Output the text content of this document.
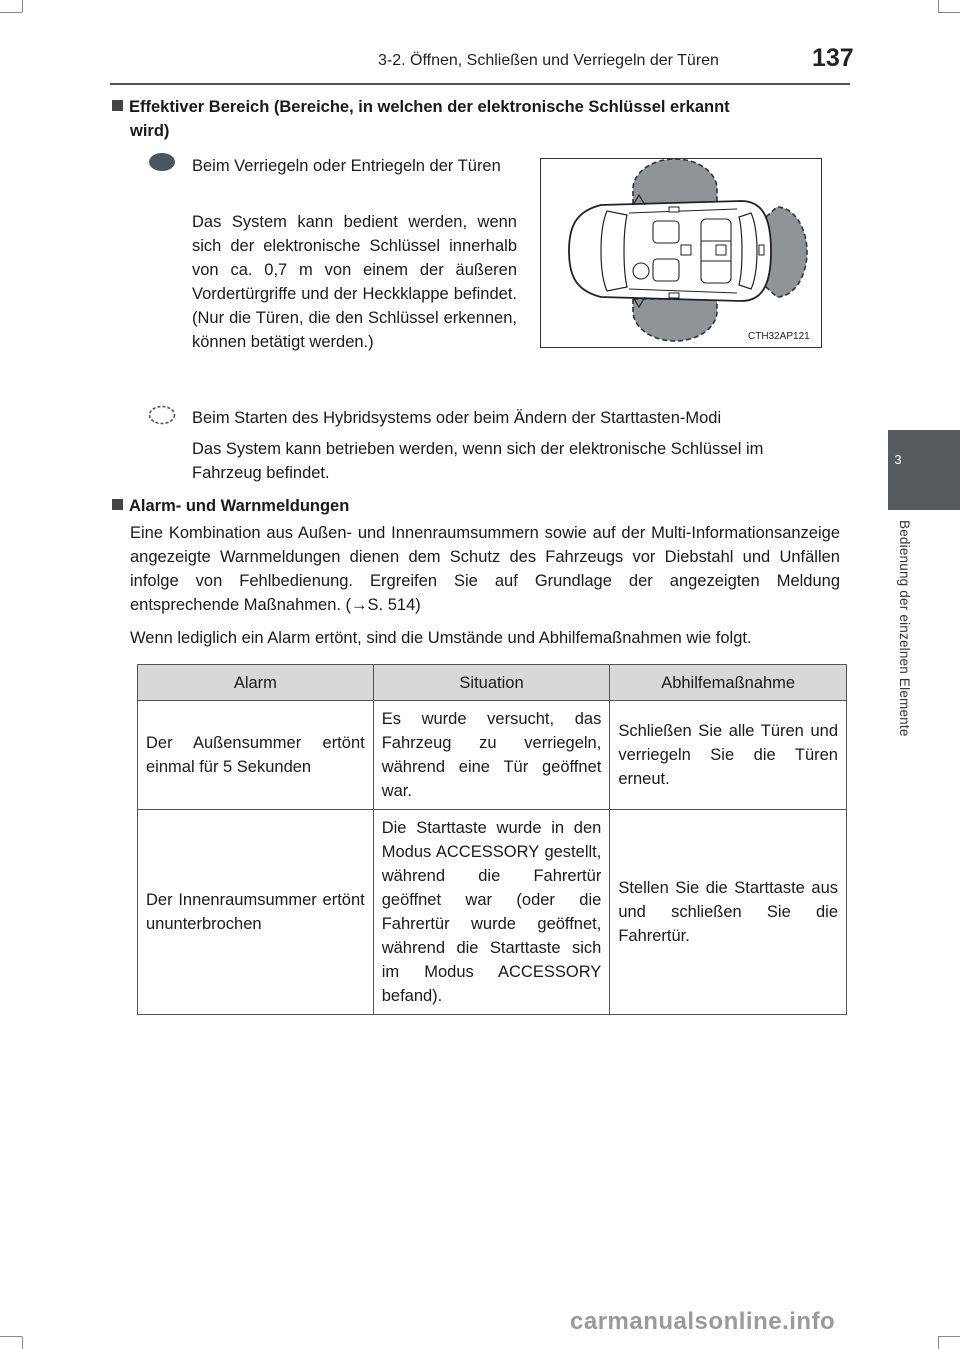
3-2. Öffnen, Schließen und Verriegeln der Türen	137
3
Bedienung der einzelnen Elemente
Effektiver Bereich (Bereiche, in welchen der elektronische Schlüssel erkannt
wird)
Beim Verriegeln oder Entriegeln der Türen
Das System kann bedient werden, wenn sich der elektronische Schlüssel innerhalb von ca. 0,7 m von einem der äußeren Vordertürgriffe und der Heckklappe befindet. (Nur die Türen, die den Schlüssel erkennen, können betätigt werden.)	CTH32AP121
Beim Starten des Hybridsystems oder beim Ändern der Starttasten-Modi
Das System kann betrieben werden, wenn sich der elektronische Schlüssel im Fahrzeug befindet.
Alarm- und Warnmeldungen
Eine Kombination aus Außen- und Innenraumsummern sowie auf der Multi-Informationsanzeige angezeigte Warnmeldungen dienen dem Schutz des Fahrzeugs vor Diebstahl und Unfällen infolge von Fehlbedienung. Ergreifen Sie auf Grundlage der angezeigten Meldung entsprechende Maßnahmen. (→S. 514)
Wenn lediglich ein Alarm ertönt, sind die Umstände und Abhilfemaßnahmen wie folgt.
Alarm	Situation	Abhilfemaßnahme
Der Außensummer ertönt einmal für 5 Sekunden	Es wurde versucht, das Fahrzeug zu verriegeln, während eine Tür geöffnet war.	Schließen Sie alle Türen und verriegeln Sie die Türen erneut.
Der Innenraumsummer ertönt ununterbrochen	Die Starttaste wurde in den Modus ACCESSORY gestellt, während die Fahrertür geöffnet war (oder die Fahrertür wurde geöffnet, während die Starttaste sich im Modus ACCESSORY befand).	Stellen Sie die Starttaste aus und schließen Sie die Fahrertür.
carmanualsonline.info
